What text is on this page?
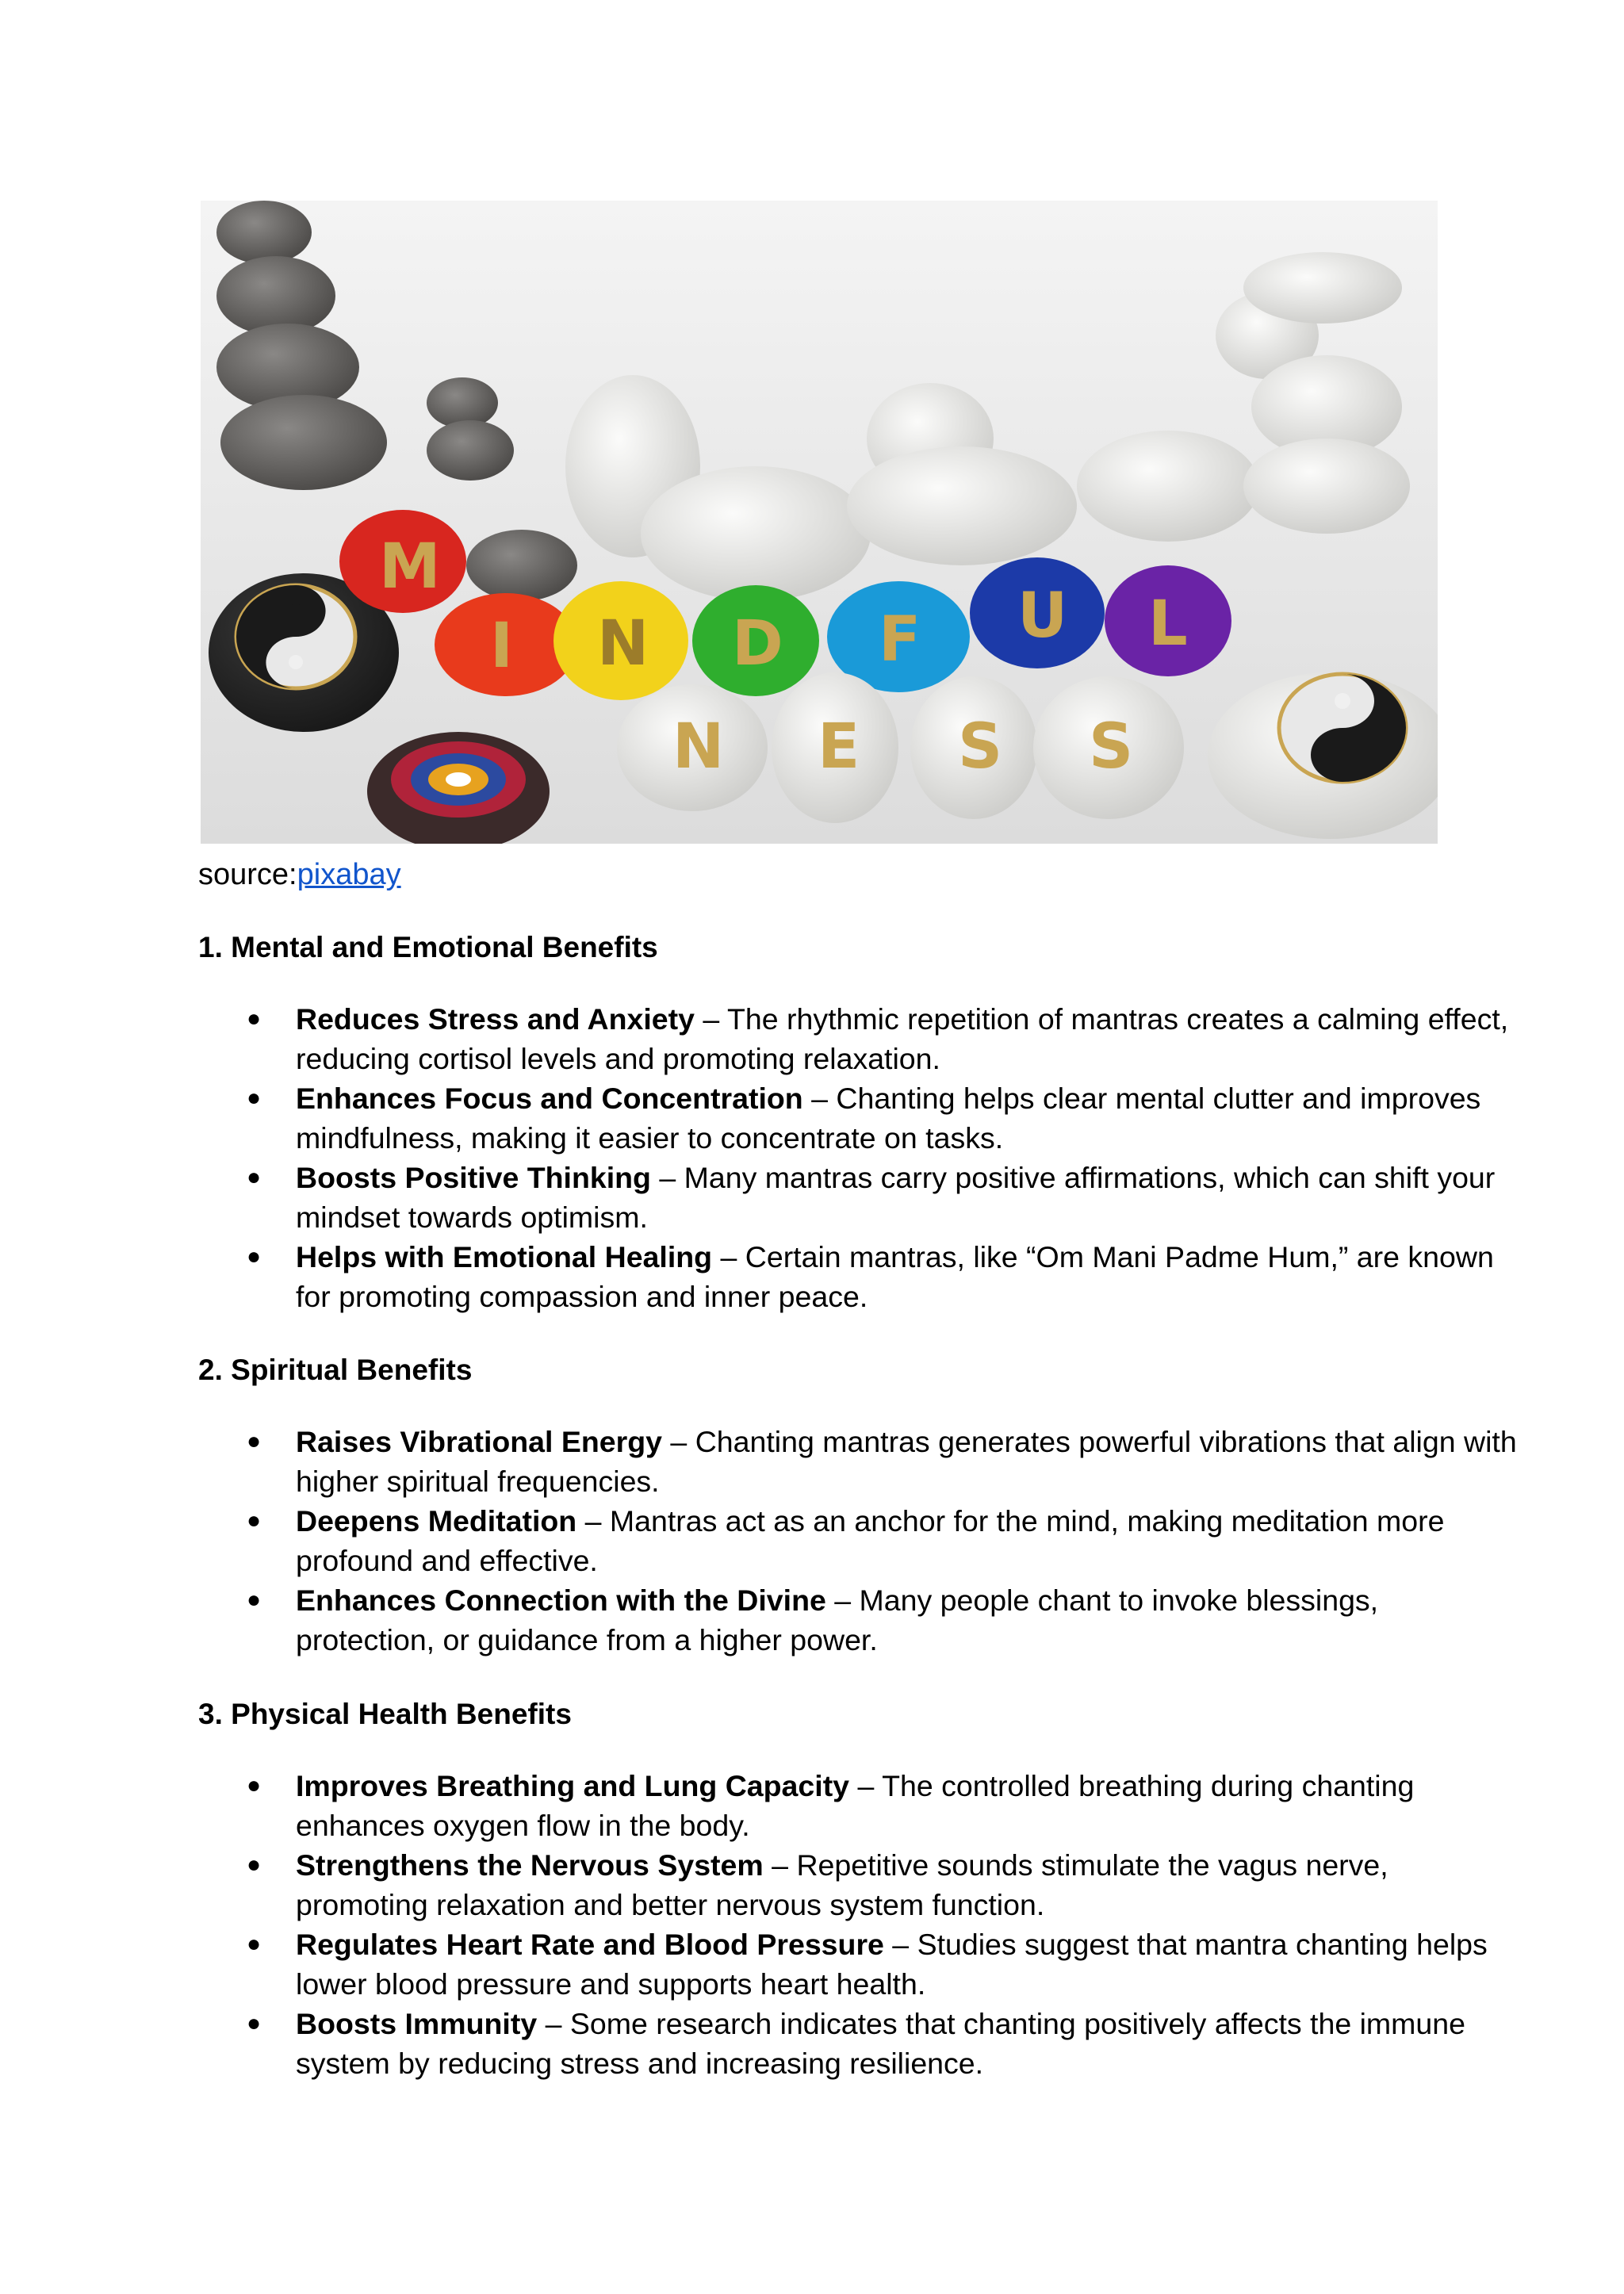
M
I N D F U L
N E S S
source:pixabay
1. Mental and Emotional Benefits
● Reduces Stress and Anxiety – The rhythmic repetition of mantras creates a calming effect, reducing cortisol levels and promoting relaxation.
● Enhances Focus and Concentration – Chanting helps clear mental clutter and improves mindfulness, making it easier to concentrate on tasks.
● Boosts Positive Thinking – Many mantras carry positive affirmations, which can shift your mindset towards optimism.
● Helps with Emotional Healing – Certain mantras, like “Om Mani Padme Hum,” are known for promoting compassion and inner peace.
2. Spiritual Benefits
● Raises Vibrational Energy – Chanting mantras generates powerful vibrations that align with higher spiritual frequencies.
● Deepens Meditation – Mantras act as an anchor for the mind, making meditation more profound and effective.
● Enhances Connection with the Divine – Many people chant to invoke blessings, protection, or guidance from a higher power.
3. Physical Health Benefits
● Improves Breathing and Lung Capacity – The controlled breathing during chanting enhances oxygen flow in the body.
● Strengthens the Nervous System – Repetitive sounds stimulate the vagus nerve, promoting relaxation and better nervous system function.
● Regulates Heart Rate and Blood Pressure – Studies suggest that mantra chanting helps lower blood pressure and supports heart health.
● Boosts Immunity – Some research indicates that chanting positively affects the immune system by reducing stress and increasing resilience.
